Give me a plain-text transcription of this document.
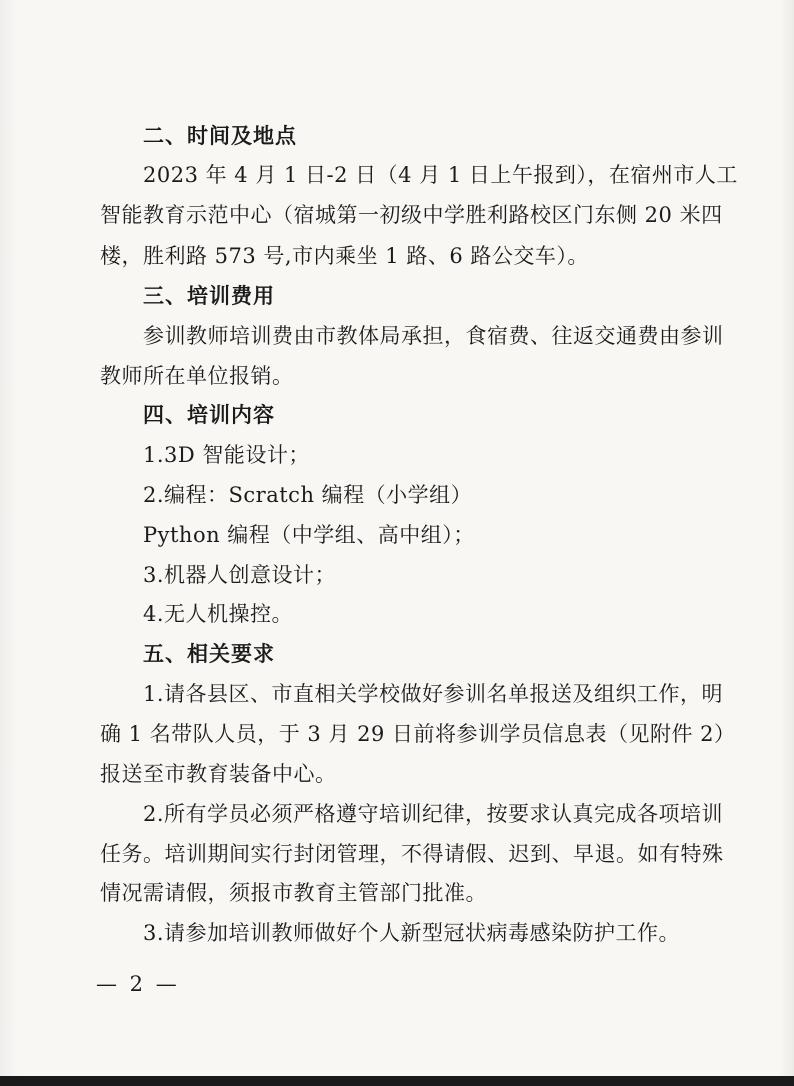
二、时间及地点
2023 年 4 月 1 日-2 日（4 月 1 日上午报到），在宿州市人工
智能教育示范中心（宿城第一初级中学胜利路校区门东侧 20 米四
楼，胜利路 573 号,市内乘坐 1 路、6 路公交车）。
三、培训费用
参训教师培训费由市教体局承担，食宿费、往返交通费由参训
教师所在单位报销。
四、培训内容
1.3D 智能设计；
2.编程：Scratch 编程（小学组）
Python 编程（中学组、高中组）；
3.机器人创意设计；
4.无人机操控。
五、相关要求
1.请各县区、市直相关学校做好参训名单报送及组织工作，明
确 1 名带队人员，于 3 月 29 日前将参训学员信息表（见附件 2）
报送至市教育装备中心。
2.所有学员必须严格遵守培训纪律，按要求认真完成各项培训
任务。培训期间实行封闭管理，不得请假、迟到、早退。如有特殊
情况需请假，须报市教育主管部门批准。
3.请参加培训教师做好个人新型冠状病毒感染防护工作。
— 2 —
